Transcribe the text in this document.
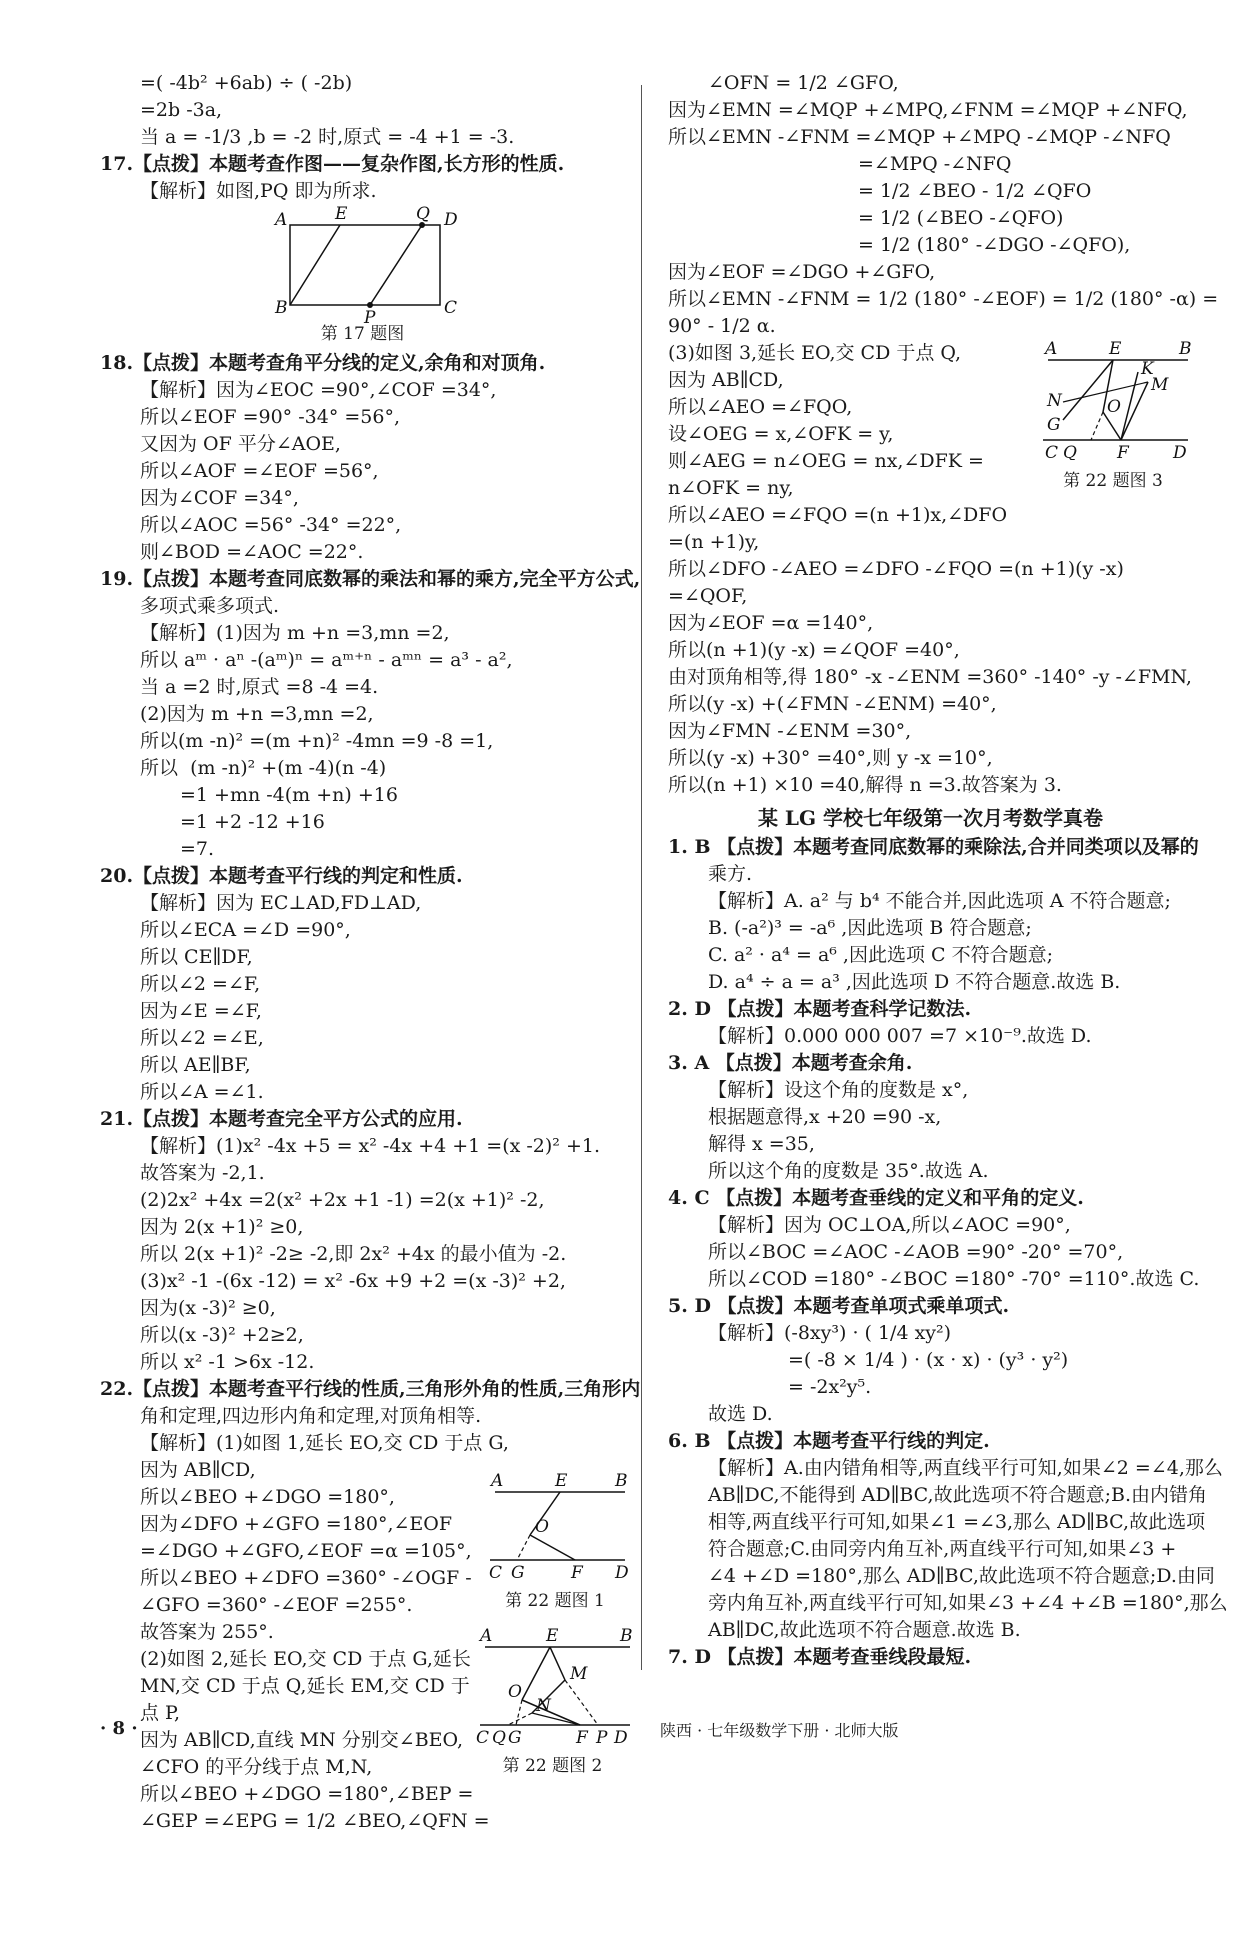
=( -4b² +6ab) ÷ ( -2b)
=2b -3a,
当 a = -1/3 ,b = -2 时,原式 = -4 +1 = -3.
17.【点拨】本题考查作图——复杂作图,长方形的性质.
【解析】如图,PQ 即为所求.
A	E	Q D
B	P	C
第 17 题图
18.【点拨】本题考查角平分线的定义,余角和对顶角.
【解析】因为∠EOC =90°,∠COF =34°,
所以∠EOF =90° -34° =56°,
又因为 OF 平分∠AOE,
所以∠AOF =∠EOF =56°,
因为∠COF =34°,
所以∠AOC =56° -34° =22°,
则∠BOD =∠AOC =22°.
19.【点拨】本题考查同底数幂的乘法和幂的乘方,完全平方公式,
多项式乘多项式.
【解析】(1)因为 m +n =3,mn =2,
所以 aᵐ · aⁿ -(aᵐ)ⁿ = aᵐ⁺ⁿ - aᵐⁿ = a³ - a²,
当 a =2 时,原式 =8 -4 =4.
(2)因为 m +n =3,mn =2,
所以(m -n)² =(m +n)² -4mn =9 -8 =1,
所以  (m -n)² +(m -4)(n -4)
=1 +mn -4(m +n) +16
=1 +2 -12 +16
=7.
20.【点拨】本题考查平行线的判定和性质.
【解析】因为 EC⊥AD,FD⊥AD,
所以∠ECA =∠D =90°,
所以 CE∥DF,
所以∠2 =∠F,
因为∠E =∠F,
所以∠2 =∠E,
所以 AE∥BF,
所以∠A =∠1.
21.【点拨】本题考查完全平方公式的应用.
【解析】(1)x² -4x +5 = x² -4x +4 +1 =(x -2)² +1.
故答案为 -2,1.
(2)2x² +4x =2(x² +2x +1 -1) =2(x +1)² -2,
因为 2(x +1)² ≥0,
所以 2(x +1)² -2≥ -2,即 2x² +4x 的最小值为 -2.
(3)x² -1 -(6x -12) = x² -6x +9 +2 =(x -3)² +2,
因为(x -3)² ≥0,
所以(x -3)² +2≥2,
所以 x² -1 >6x -12.
22.【点拨】本题考查平行线的性质,三角形外角的性质,三角形内
角和定理,四边形内角和定理,对顶角相等.
【解析】(1)如图 1,延长 EO,交 CD 于点 G,
因为 AB∥CD,
所以∠BEO +∠DGO =180°,
因为∠DFO +∠GFO =180°,∠EOF
=∠DGO +∠GFO,∠EOF =α =105°,
所以∠BEO +∠DFO =360° -∠OGF -
∠GFO =360° -∠EOF =255°.
故答案为 255°.
(2)如图 2,延长 EO,交 CD 于点 G,延长
MN,交 CD 于点 Q,延长 EM,交 CD 于
点 P,
因为 AB∥CD,直线 MN 分别交∠BEO,
∠CFO 的平分线于点 M,N,
所以∠BEO +∠DGO =180°,∠BEP =
∠GEP =∠EPG = 1/2 ∠BEO,∠QFN =
A	E	B
O
C G	F D
第 22 题图 1
A	E	B
O
M
N
C Q G	F P D
第 22 题图 2
∠OFN = 1/2 ∠GFO,
因为∠EMN =∠MQP +∠MPQ,∠FNM =∠MQP +∠NFQ,
所以∠EMN -∠FNM =∠MQP +∠MPQ -∠MQP -∠NFQ
=∠MPQ -∠NFQ
= 1/2 ∠BEO - 1/2 ∠QFO
= 1/2 (∠BEO -∠QFO)
= 1/2 (180° -∠DGO -∠QFO),
因为∠EOF =∠DGO +∠GFO,
所以∠EMN -∠FNM = 1/2 (180° -∠EOF) = 1/2 (180° -α) =
90° - 1/2 α.
(3)如图 3,延长 EO,交 CD 于点 Q,
因为 AB∥CD,
所以∠AEO =∠FQO,
设∠OEG = x,∠OFK = y,
则∠AEG = n∠OEG = nx,∠DFK =
n∠OFK = ny,
所以∠AEO =∠FQO =(n +1)x,∠DFO
=(n +1)y,
A	E	B
K
M
N	O
G
C Q F	D
第 22 题图 3
所以∠DFO -∠AEO =∠DFO -∠FQO =(n +1)(y -x)
=∠QOF,
因为∠EOF =α =140°,
所以(n +1)(y -x) =∠QOF =40°,
由对顶角相等,得 180° -x -∠ENM =360° -140° -y -∠FMN,
所以(y -x) +(∠FMN -∠ENM) =40°,
因为∠FMN -∠ENM =30°,
所以(y -x) +30° =40°,则 y -x =10°,
所以(n +1) ×10 =40,解得 n =3.故答案为 3.
某 LG 学校七年级第一次月考数学真卷
1. B 【点拨】本题考查同底数幂的乘除法,合并同类项以及幂的
乘方.
【解析】A. a² 与 b⁴ 不能合并,因此选项 A 不符合题意;
B. (-a²)³ = -a⁶ ,因此选项 B 符合题意;
C. a² · a⁴ = a⁶ ,因此选项 C 不符合题意;
D. a⁴ ÷ a = a³ ,因此选项 D 不符合题意.故选 B.
2. D 【点拨】本题考查科学记数法.
【解析】0.000 000 007 =7 ×10⁻⁹.故选 D.
3. A 【点拨】本题考查余角.
【解析】设这个角的度数是 x°,
根据题意得,x +20 =90 -x,
解得 x =35,
所以这个角的度数是 35°.故选 A.
4. C 【点拨】本题考查垂线的定义和平角的定义.
【解析】因为 OC⊥OA,所以∠AOC =90°,
所以∠BOC =∠AOC -∠AOB =90° -20° =70°,
所以∠COD =180° -∠BOC =180° -70° =110°.故选 C.
5. D 【点拨】本题考查单项式乘单项式.
【解析】(-8xy³) · ( 1/4 xy²)
=( -8 × 1/4 ) · (x · x) · (y³ · y²)
= -2x²y⁵.
故选 D.
6. B 【点拨】本题考查平行线的判定.
【解析】A.由内错角相等,两直线平行可知,如果∠2 =∠4,那么
AB∥DC,不能得到 AD∥BC,故此选项不符合题意;B.由内错角
相等,两直线平行可知,如果∠1 =∠3,那么 AD∥BC,故此选项
符合题意;C.由同旁内角互补,两直线平行可知,如果∠3 +
∠4 +∠D =180°,那么 AD∥BC,故此选项不符合题意;D.由同
旁内角互补,两直线平行可知,如果∠3 +∠4 +∠B =180°,那么
AB∥DC,故此选项不符合题意.故选 B.
7. D 【点拨】本题考查垂线段最短.
· 8 ·	陕西 · 七年级数学下册 · 北师大版
